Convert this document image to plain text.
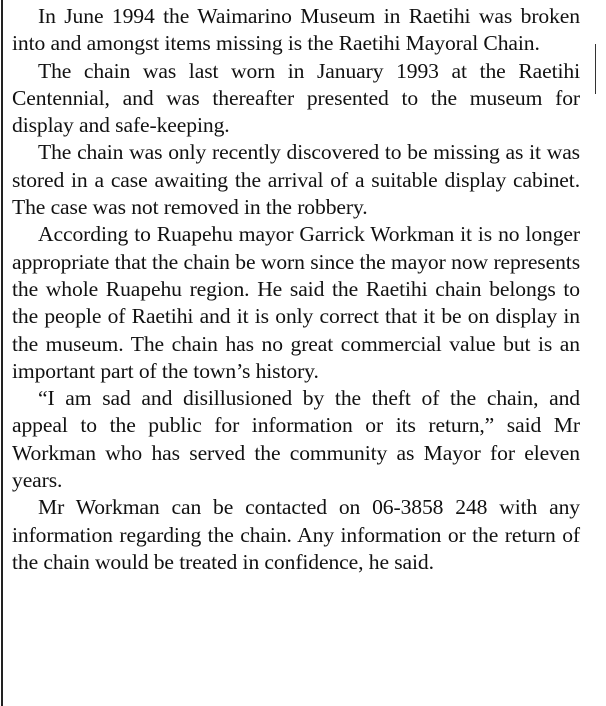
In June 1994 the Waimarino Museum in Raetihi was broken into and amongst items missing is the Raetihi Mayoral Chain.

The chain was last worn in January 1993 at the Raetihi Centennial, and was thereafter presented to the museum for display and safe-keeping.

The chain was only recently discovered to be missing as it was stored in a case awaiting the arrival of a suitable display cabinet. The case was not removed in the robbery.

According to Ruapehu mayor Garrick Workman it is no longer appropriate that the chain be worn since the mayor now represents the whole Ruapehu region. He said the Raetihi chain belongs to the people of Raetihi and it is only correct that it be on display in the museum. The chain has no great commercial value but is an important part of the town’s history.

“I am sad and disillusioned by the theft of the chain, and appeal to the public for information or its return,” said Mr Workman who has served the community as Mayor for eleven years.

Mr Workman can be contacted on 06-3858 248 with any information regarding the chain. Any information or the return of the chain would be treated in confidence, he said.
